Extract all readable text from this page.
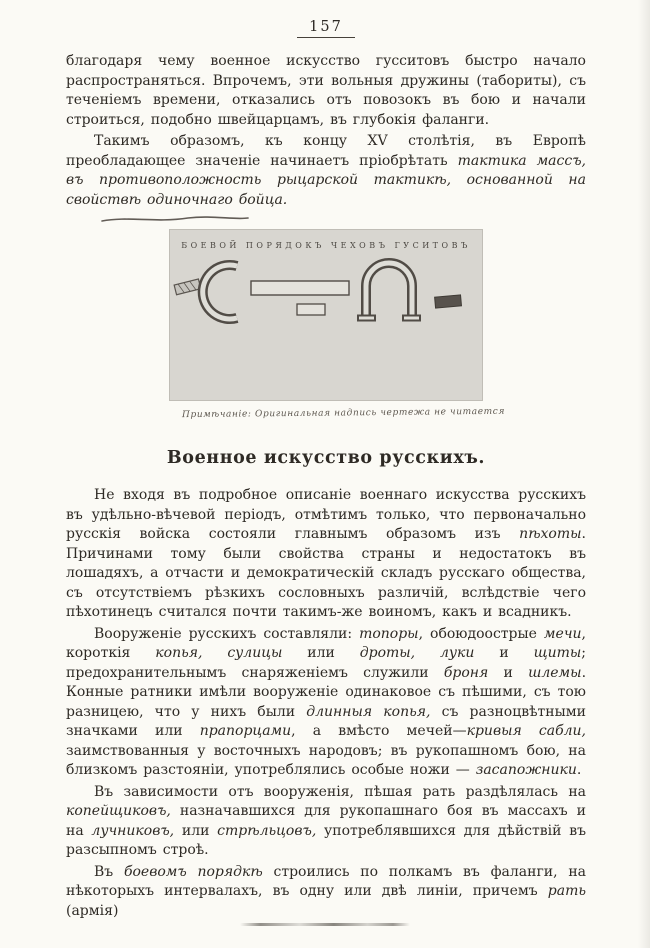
157

благодаря чему военное искусство гусситовъ быстро начало распространяться. Впрочемъ, эти вольныя дружины (табориты), съ теченіемъ времени, отказались отъ повозокъ въ бою и начали строиться, подобно швейцарцамъ, въ глубокія фаланги.

Такимъ образомъ, къ концу XV столѣтія, въ Европѣ преобладающее значеніе начинаетъ пріобрѣтать тактика массъ, въ противоположность рыцарской тактикѣ, основанной на свойствѣ одиночнаго бойца.

БОЕВОЙ ПОРЯДОКЪ ЧЕХОВЪ ГУСИТОВЪ
Примѣчаніе: Оригинальная надпись чертежа не читается
Военное искусство русскихъ.

Не входя въ подробное описаніе военнаго искусства русскихъ въ удѣльно-вѣчевой періодъ, отмѣтимъ только, что первоначально русскія войска состояли главнымъ образомъ изъ пѣхоты. Причинами тому были свойства страны и недостатокъ въ лошадяхъ, а отчасти и демократическій складъ русскаго общества, съ отсутствіемъ рѣзкихъ сословныхъ различій, вслѣдствіе чего пѣхотинецъ считался почти такимъ-же воиномъ, какъ и всадникъ.

Вооруженіе русскихъ составляли: топоры, обоюдоострые мечи, короткія копья, сулицы или дроты, луки и щиты; предохранительнымъ снаряженіемъ служили броня и шлемы. Конные ратники имѣли вооруженіе одинаковое съ пѣшими, съ тою разницею, что у нихъ были длинныя копья, съ разноцвѣтными значками или прапорцами, а вмѣсто мечей—кривыя сабли, заимствованныя у восточныхъ народовъ; въ рукопашномъ бою, на близкомъ разстояніи, употреблялись особые ножи — засапожники.

Въ зависимости отъ вооруженія, пѣшая рать раздѣлялась на копейщиковъ, назначавшихся для рукопашнаго боя въ массахъ и на лучниковъ, или стрѣльцовъ, употреблявшихся для дѣйствій въ разсыпномъ строѣ.

Въ боевомъ порядкѣ строились по полкамъ въ фаланги, на нѣкоторыхъ интервалахъ, въ одну или двѣ линіи, причемъ рать (армія)
